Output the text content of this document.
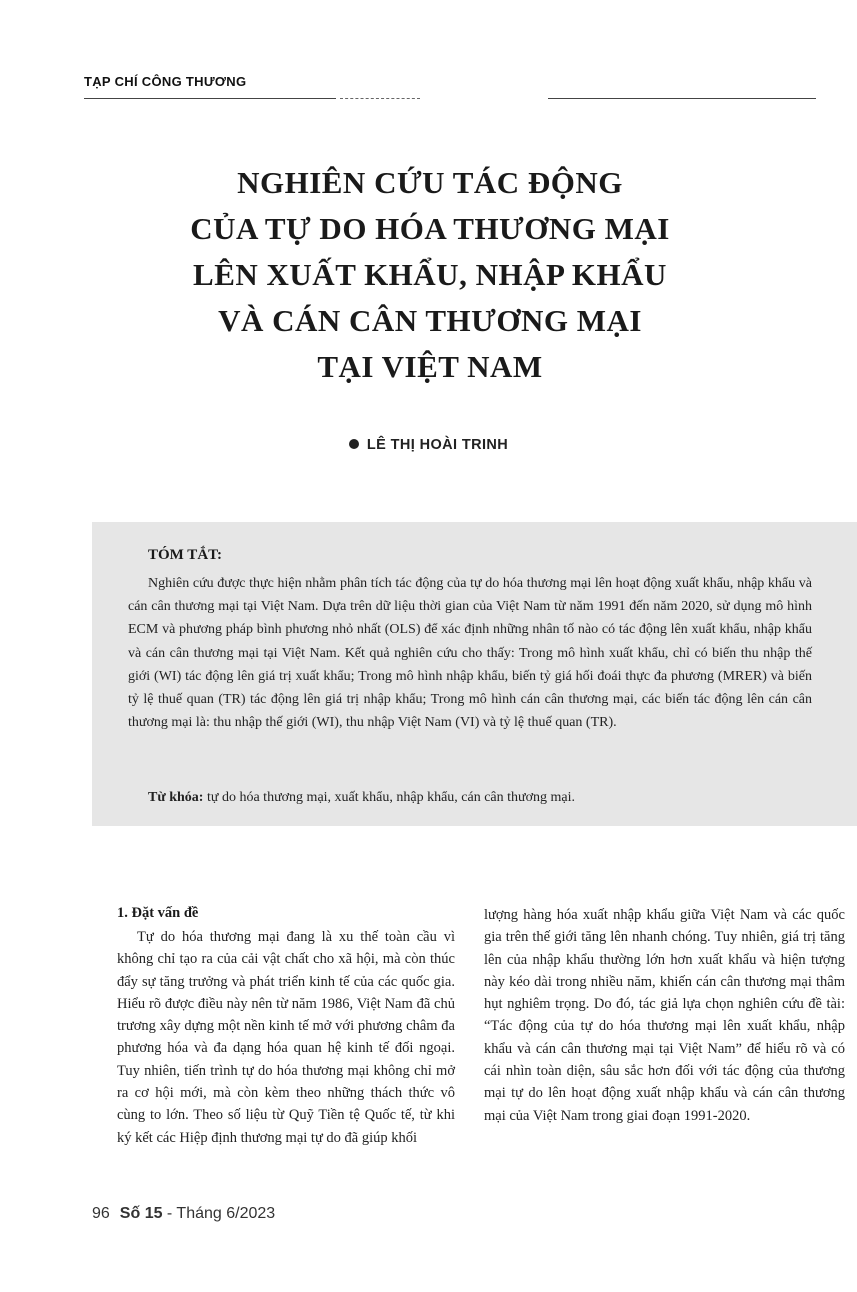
TẠP CHÍ CÔNG THƯƠNG
NGHIÊN CỨU TÁC ĐỘNG
CỦA TỰ DO HÓA THƯƠNG MẠI
LÊN XUẤT KHẨU, NHẬP KHẨU
VÀ CÁN CÂN THƯƠNG MẠI
TẠI VIỆT NAM
LÊ THỊ HOÀI TRINH
TÓM TẮT:
Nghiên cứu được thực hiện nhằm phân tích tác động của tự do hóa thương mại lên hoạt động xuất khẩu, nhập khẩu và cán cân thương mại tại Việt Nam. Dựa trên dữ liệu thời gian của Việt Nam từ năm 1991 đến năm 2020, sử dụng mô hình ECM và phương pháp bình phương nhỏ nhất (OLS) để xác định những nhân tố nào có tác động lên xuất khẩu, nhập khẩu và cán cân thương mại tại Việt Nam. Kết quả nghiên cứu cho thấy: Trong mô hình xuất khẩu, chỉ có biến thu nhập thế giới (WI) tác động lên giá trị xuất khẩu; Trong mô hình nhập khẩu, biến tỷ giá hối đoái thực đa phương (MRER) và biến tỷ lệ thuế quan (TR) tác động lên giá trị nhập khẩu; Trong mô hình cán cân thương mại, các biến tác động lên cán cân thương mại là: thu nhập thế giới (WI), thu nhập Việt Nam (VI) và tỷ lệ thuế quan (TR).
Từ khóa: tự do hóa thương mại, xuất khẩu, nhập khẩu, cán cân thương mại.
1. Đặt vấn đề
Tự do hóa thương mại đang là xu thế toàn cầu vì không chỉ tạo ra của cải vật chất cho xã hội, mà còn thúc đẩy sự tăng trưởng và phát triển kinh tế của các quốc gia. Hiểu rõ được điều này nên từ năm 1986, Việt Nam đã chủ trương xây dựng một nền kinh tế mở với phương châm đa phương hóa và đa dạng hóa quan hệ kinh tế đối ngoại. Tuy nhiên, tiến trình tự do hóa thương mại không chỉ mở ra cơ hội mới, mà còn kèm theo những thách thức vô cùng to lớn. Theo số liệu từ Quỹ Tiền tệ Quốc tế, từ khi ký kết các Hiệp định thương mại tự do đã giúp khối
lượng hàng hóa xuất nhập khẩu giữa Việt Nam và các quốc gia trên thế giới tăng lên nhanh chóng. Tuy nhiên, giá trị tăng lên của nhập khẩu thường lớn hơn xuất khẩu và hiện tượng này kéo dài trong nhiều năm, khiến cán cân thương mại thâm hụt nghiêm trọng. Do đó, tác giả lựa chọn nghiên cứu đề tài: “Tác động của tự do hóa thương mại lên xuất khẩu, nhập khẩu và cán cân thương mại tại Việt Nam” để hiểu rõ và có cái nhìn toàn diện, sâu sắc hơn đối với tác động của thương mại tự do lên hoạt động xuất nhập khẩu và cán cân thương mại của Việt Nam trong giai đoạn 1991-2020.
96 Số 15 - Tháng 6/2023
